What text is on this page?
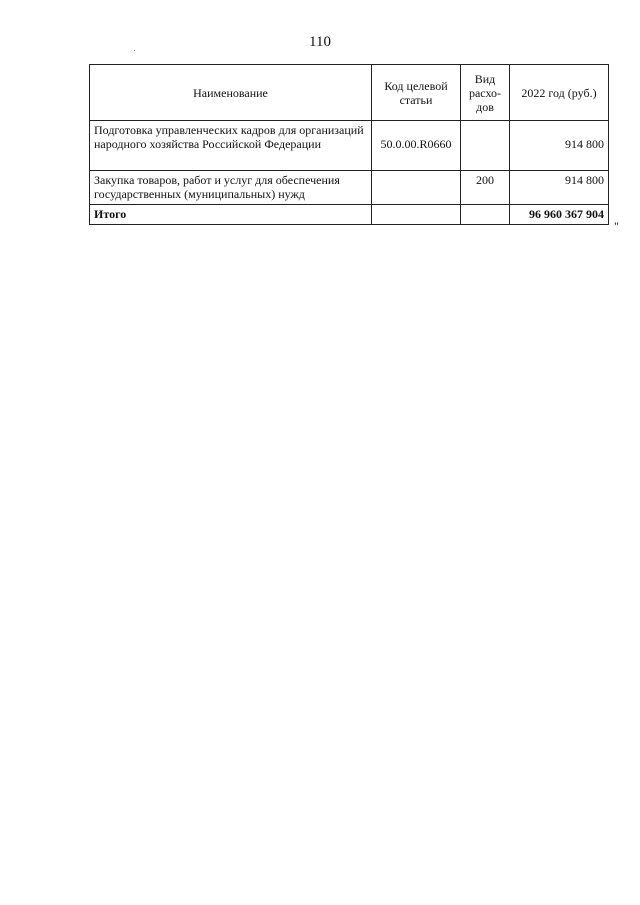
110
Наименование	Код целевой статьи	Вид расхо-дов	2022 год (руб.)
Подготовка управленческих кадров для организаций народного хозяйства Российской Федерации	50.0.00.R0660		914 800
Закупка товаров, работ и услуг для обеспечения государственных (муниципальных) нужд		200	914 800
Итого			96 960 367 904
"
